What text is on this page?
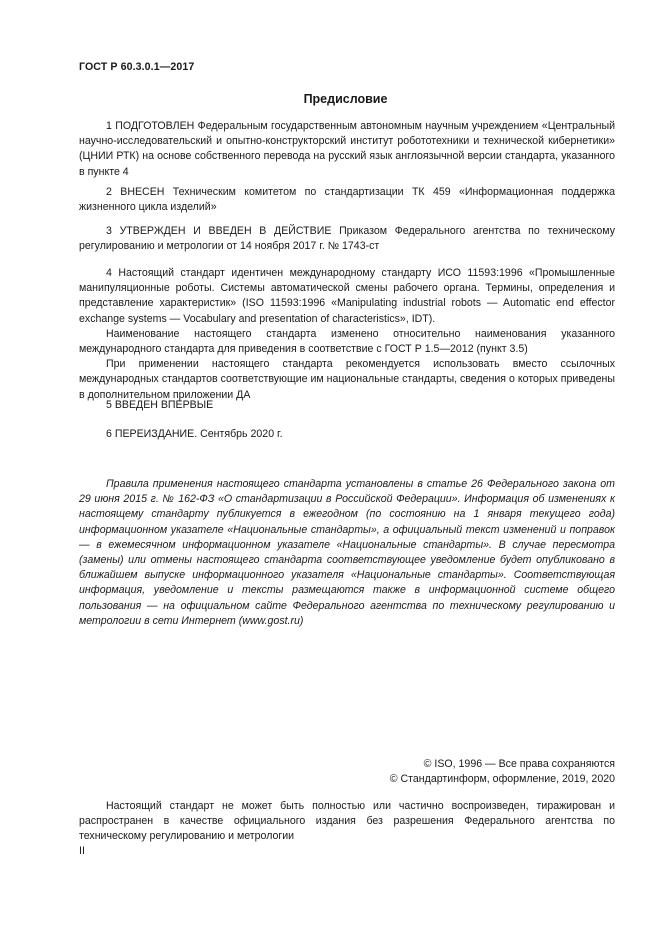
ГОСТ Р 60.3.0.1—2017
Предисловие

1 ПОДГОТОВЛЕН Федеральным государственным автономным научным учреждением «Центральный научно-исследовательский и опытно-конструкторский институт робототехники и технической кибернетики» (ЦНИИ РТК) на основе собственного перевода на русский язык англоязычной версии стандарта, указанного в пункте 4

2 ВНЕСЕН Техническим комитетом по стандартизации ТК 459 «Информационная поддержка жизненного цикла изделий»

3 УТВЕРЖДЕН И ВВЕДЕН В ДЕЙСТВИЕ Приказом Федерального агентства по техническому регулированию и метрологии от 14 ноября 2017 г. № 1743-ст

4 Настоящий стандарт идентичен международному стандарту ИСО 11593:1996 «Промышленные манипуляционные роботы. Системы автоматической смены рабочего органа. Термины, определения и представление характеристик» (ISO 11593:1996 «Manipulating industrial robots — Automatic end effector exchange systems — Vocabulary and presentation of characteristics», IDT).

Наименование настоящего стандарта изменено относительно наименования указанного международного стандарта для приведения в соответствие с ГОСТ Р 1.5—2012 (пункт 3.5)

При применении настоящего стандарта рекомендуется использовать вместо ссылочных международных стандартов соответствующие им национальные стандарты, сведения о которых приведены в дополнительном приложении ДА

5 ВВЕДЕН ВПЕРВЫЕ

6 ПЕРЕИЗДАНИЕ. Сентябрь 2020 г.

Правила применения настоящего стандарта установлены в статье 26 Федерального закона от 29 июня 2015 г. № 162-ФЗ «О стандартизации в Российской Федерации». Информация об изменениях к настоящему стандарту публикуется в ежегодном (по состоянию на 1 января текущего года) информационном указателе «Национальные стандарты», а официальный текст изменений и поправок — в ежемесячном информационном указателе «Национальные стандарты». В случае пересмотра (замены) или отмены настоящего стандарта соответствующее уведомление будет опубликовано в ближайшем выпуске информационного указателя «Национальные стандарты». Соответствующая информация, уведомление и тексты размещаются также в информационной системе общего пользования — на официальном сайте Федерального агентства по техническому регулированию и метрологии в сети Интернет (www.gost.ru)

© ISO, 1996 — Все права сохраняются
© Стандартинформ, оформление, 2019, 2020

Настоящий стандарт не может быть полностью или частично воспроизведен, тиражирован и распространен в качестве официального издания без разрешения Федерального агентства по техническому регулированию и метрологии

II
